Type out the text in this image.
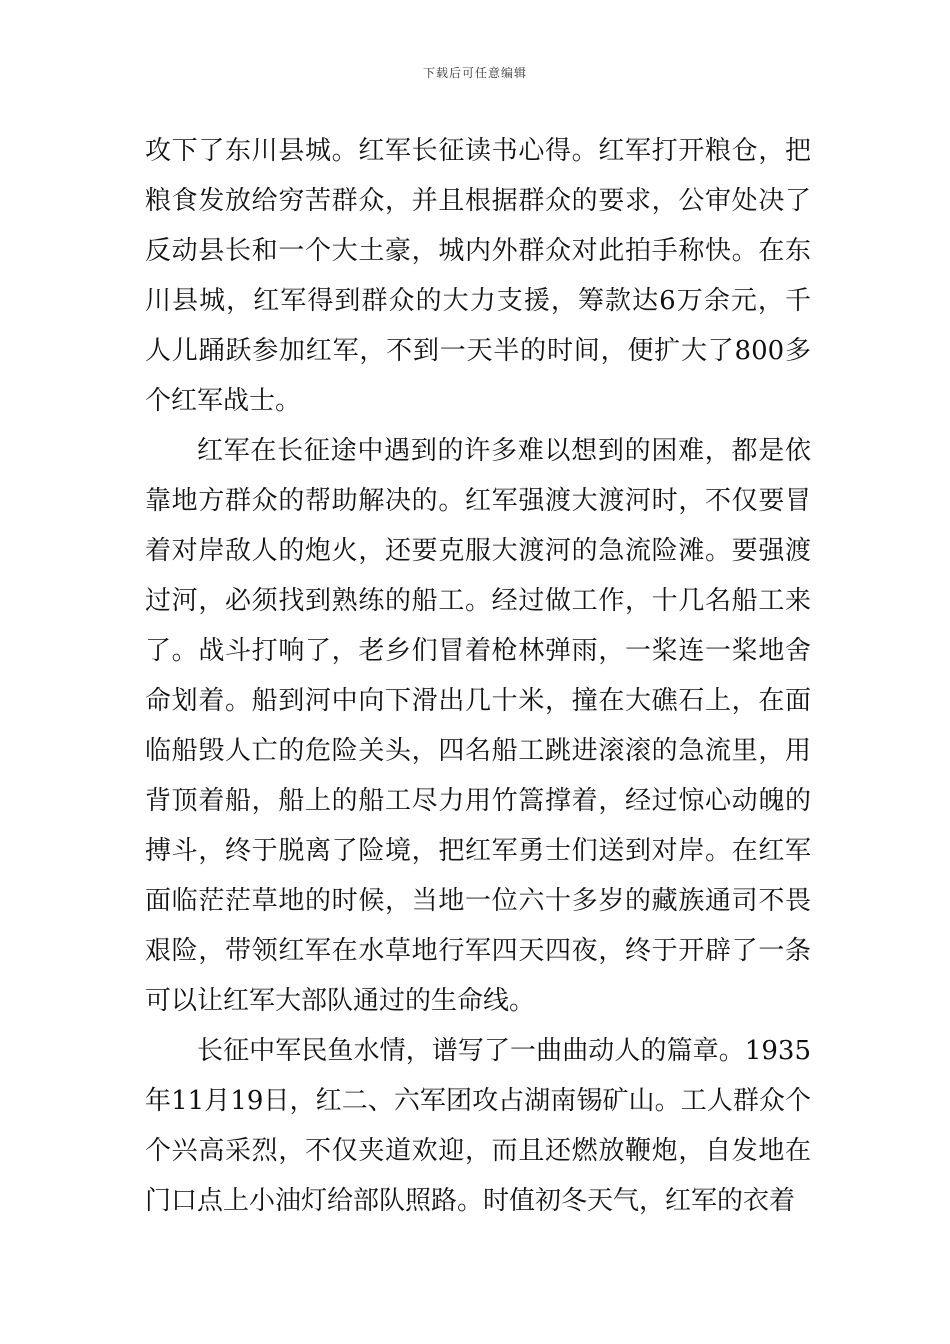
下载后可任意编辑

攻下了东川县城。红军长征读书心得。红军打开粮仓，把粮食发放给穷苦群众，并且根据群众的要求，公审处决了反动县长和一个大土豪，城内外群众对此拍手称快。在东川县城，红军得到群众的大力支援，筹款达6万余元，千人儿踊跃参加红军，不到一天半的时间，便扩大了800多个红军战士。

红军在长征途中遇到的许多难以想到的困难，都是依靠地方群众的帮助解决的。红军强渡大渡河时，不仅要冒着对岸敌人的炮火，还要克服大渡河的急流险滩。要强渡过河，必须找到熟练的船工。经过做工作，十几名船工来了。战斗打响了，老乡们冒着枪林弹雨，一桨连一桨地舍命划着。船到河中向下滑出几十米，撞在大礁石上，在面临船毁人亡的危险关头，四名船工跳进滚滚的急流里，用背顶着船，船上的船工尽力用竹篙撑着，经过惊心动魄的搏斗，终于脱离了险境，把红军勇士们送到对岸。在红军面临茫茫草地的时候，当地一位六十多岁的藏族通司不畏艰险，带领红军在水草地行军四天四夜，终于开辟了一条可以让红军大部队通过的生命线。

长征中军民鱼水情，谱写了一曲曲动人的篇章。1935年11月19日，红二、六军团攻占湖南锡矿山。工人群众个个兴高采烈，不仅夹道欢迎，而且还燃放鞭炮，自发地在门口点上小油灯给部队照路。时值初冬天气，红军的衣着
